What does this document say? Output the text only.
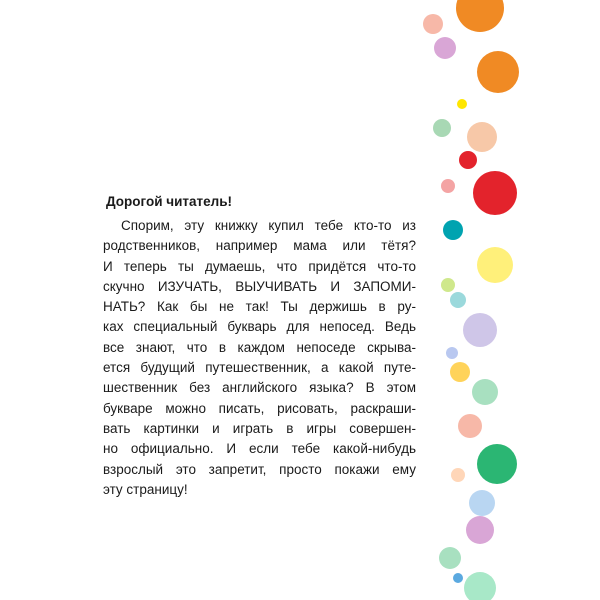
Дорогой читатель!
Спорим, эту книжку купил тебе кто-то из
родственников, например мама или тётя?
И теперь ты думаешь, что придётся что-то
скучно ИЗУЧАТЬ, ВЫУЧИВАТЬ И ЗАПОМИ-
НАТЬ? Как бы не так! Ты держишь в ру-
ках специальный букварь для непосед. Ведь
все знают, что в каждом непоседе скрыва-
ется будущий путешественник, а какой путе-
шественник без английского языка? В этом
букваре можно писать, рисовать, раскраши-
вать картинки и играть в игры совершен-
но официально. И если тебе какой-нибудь
взрослый это запретит, просто покажи ему
эту страницу!
